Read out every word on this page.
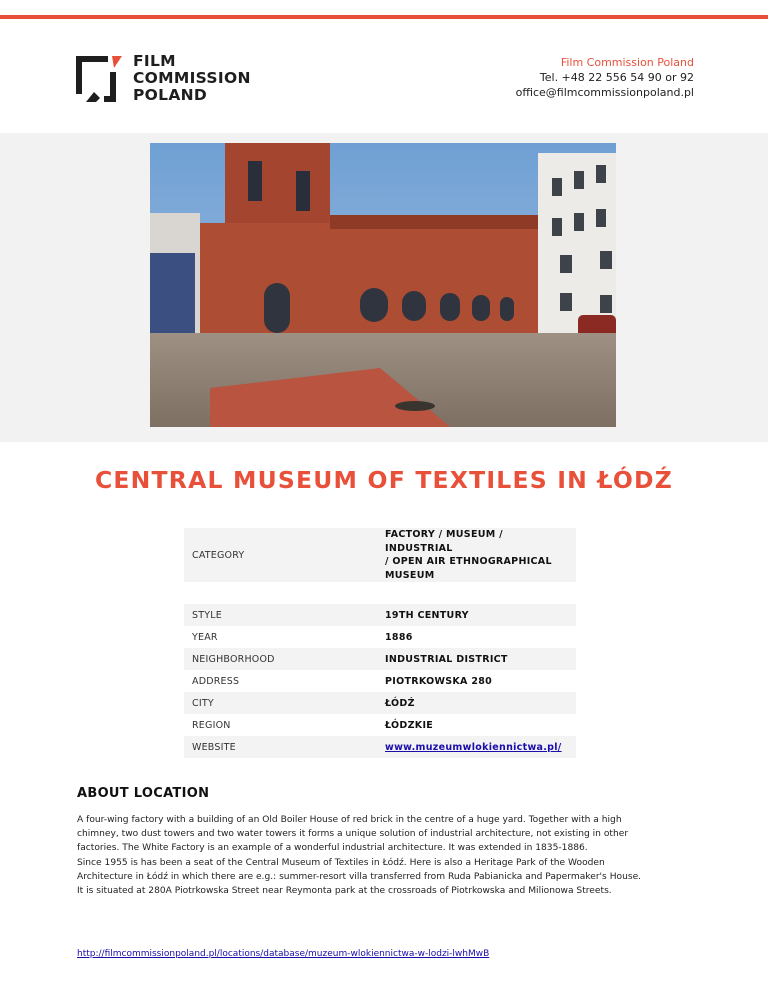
FILM
COMMISSION
POLAND
Film Commission Poland
Tel. +48 22 556 54 90 or 92
office@filmcommissionpoland.pl
CENTRAL MUSEUM OF TEXTILES IN ŁÓDŹ
CATEGORY	FACTORY / MUSEUM / INDUSTRIAL
/ OPEN AIR ETHNOGRAPHICAL
MUSEUM

STYLE	19TH CENTURY
YEAR	1886
NEIGHBORHOOD	INDUSTRIAL DISTRICT
ADDRESS	PIOTRKOWSKA 280
CITY	ŁÓDŹ
REGION	ŁÓDZKIE
WEBSITE	www.muzeumwlokiennictwa.pl/
ABOUT LOCATION
A four-wing factory with a building of an Old Boiler House of red brick in the centre of a huge yard. Together with a high
chimney, two dust towers and two water towers it forms a unique solution of industrial architecture, not existing in other
factories. The White Factory is an example of a wonderful industrial architecture. It was extended in 1835-1886.
Since 1955 is has been a seat of the Central Museum of Textiles in Łódź. Here is also a Heritage Park of the Wooden
Architecture in Łódź in which there are e.g.: summer-resort villa transferred from Ruda Pabianicka and Papermaker's House.
It is situated at 280A Piotrkowska Street near Reymonta park at the crossroads of Piotrkowska and Milionowa Streets.
http://filmcommissionpoland.pl/locations/database/muzeum-wlokiennictwa-w-lodzi-lwhMwB
